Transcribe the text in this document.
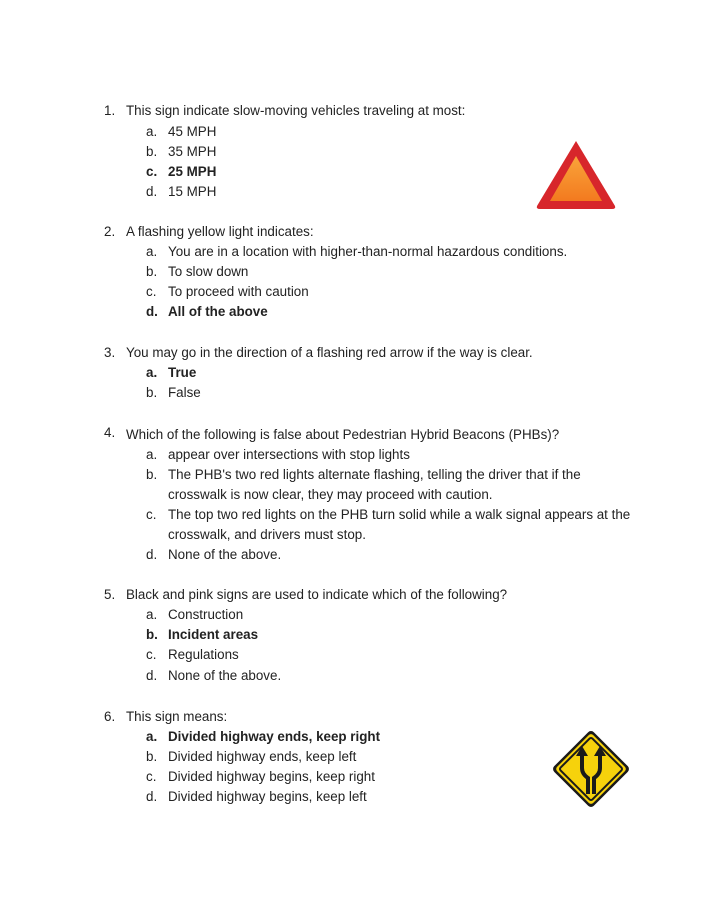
1. This sign indicate slow-moving vehicles traveling at most:
a. 45 MPH
b. 35 MPH
c. 25 MPH
d. 15 MPH
2. A flashing yellow light indicates:
a. You are in a location with higher-than-normal hazardous conditions.
b. To slow down
c. To proceed with caution
d. All of the above
3. You may go in the direction of a flashing red arrow if the way is clear.
a. True
b. False
4. Which of the following is false about Pedestrian Hybrid Beacons (PHBs)?
a. appear over intersections with stop lights
b. The PHB's two red lights alternate flashing, telling the driver that if the
crosswalk is now clear, they may proceed with caution.
c. The top two red lights on the PHB turn solid while a walk signal appears at the
crosswalk, and drivers must stop.
d. None of the above.
5. Black and pink signs are used to indicate which of the following?
a. Construction
b. Incident areas
c. Regulations
d. None of the above.
6. This sign means:
a. Divided highway ends, keep right
b. Divided highway ends, keep left
c. Divided highway begins, keep right
d. Divided highway begins, keep left
